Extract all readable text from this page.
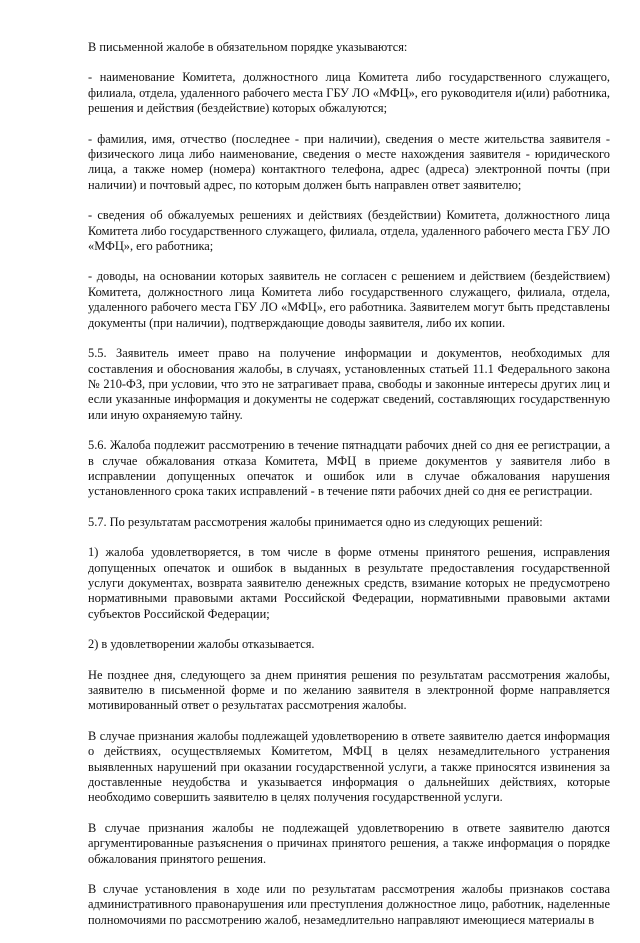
В письменной жалобе в обязательном порядке указываются:

- наименование Комитета, должностного лица Комитета либо государственного служащего, филиала, отдела, удаленного рабочего места ГБУ ЛО «МФЦ», его руководителя и(или) работника, решения и действия (бездействие) которых обжалуются;

- фамилия, имя, отчество (последнее - при наличии), сведения о месте жительства заявителя - физического лица либо наименование, сведения о месте нахождения заявителя - юридического лица, а также номер (номера) контактного телефона, адрес (адреса) электронной почты (при наличии) и почтовый адрес, по которым должен быть направлен ответ заявителю;

- сведения об обжалуемых решениях и действиях (бездействии) Комитета, должностного лица Комитета либо государственного служащего, филиала, отдела, удаленного рабочего места ГБУ ЛО «МФЦ», его работника;

- доводы, на основании которых заявитель не согласен с решением и действием (бездействием) Комитета, должностного лица Комитета либо государственного служащего, филиала, отдела, удаленного рабочего места ГБУ ЛО «МФЦ», его работника. Заявителем могут быть представлены документы (при наличии), подтверждающие доводы заявителя, либо их копии.

5.5. Заявитель имеет право на получение информации и документов, необходимых для составления и обоснования жалобы, в случаях, установленных статьей 11.1 Федерального закона № 210-ФЗ, при условии, что это не затрагивает права, свободы и законные интересы других лиц и если указанные информация и документы не содержат сведений, составляющих государственную или иную охраняемую тайну.

5.6. Жалоба подлежит рассмотрению в течение пятнадцати рабочих дней со дня ее регистрации, а в случае обжалования отказа Комитета, МФЦ в приеме документов у заявителя либо в исправлении допущенных опечаток и ошибок или в случае обжалования нарушения установленного срока таких исправлений - в течение пяти рабочих дней со дня ее регистрации.

5.7. По результатам рассмотрения жалобы принимается одно из следующих решений:

1) жалоба удовлетворяется, в том числе в форме отмены принятого решения, исправления допущенных опечаток и ошибок в выданных в результате предоставления государственной услуги документах, возврата заявителю денежных средств, взимание которых не предусмотрено нормативными правовыми актами Российской Федерации, нормативными правовыми актами субъектов Российской Федерации;

2) в удовлетворении жалобы отказывается.

Не позднее дня, следующего за днем принятия решения по результатам рассмотрения жалобы, заявителю в письменной форме и по желанию заявителя в электронной форме направляется мотивированный ответ о результатах рассмотрения жалобы.

В случае признания жалобы подлежащей удовлетворению в ответе заявителю дается информация о действиях, осуществляемых Комитетом, МФЦ в целях незамедлительного устранения выявленных нарушений при оказании государственной услуги, а также приносятся извинения за доставленные неудобства и указывается информация о дальнейших действиях, которые необходимо совершить заявителю в целях получения государственной услуги.

В случае признания жалобы не подлежащей удовлетворению в ответе заявителю даются аргументированные разъяснения о причинах принятого решения, а также информация о порядке обжалования принятого решения.

В случае установления в ходе или по результатам рассмотрения жалобы признаков состава административного правонарушения или преступления должностное лицо, работник, наделенные полномочиями по рассмотрению жалоб, незамедлительно направляют имеющиеся материалы в
